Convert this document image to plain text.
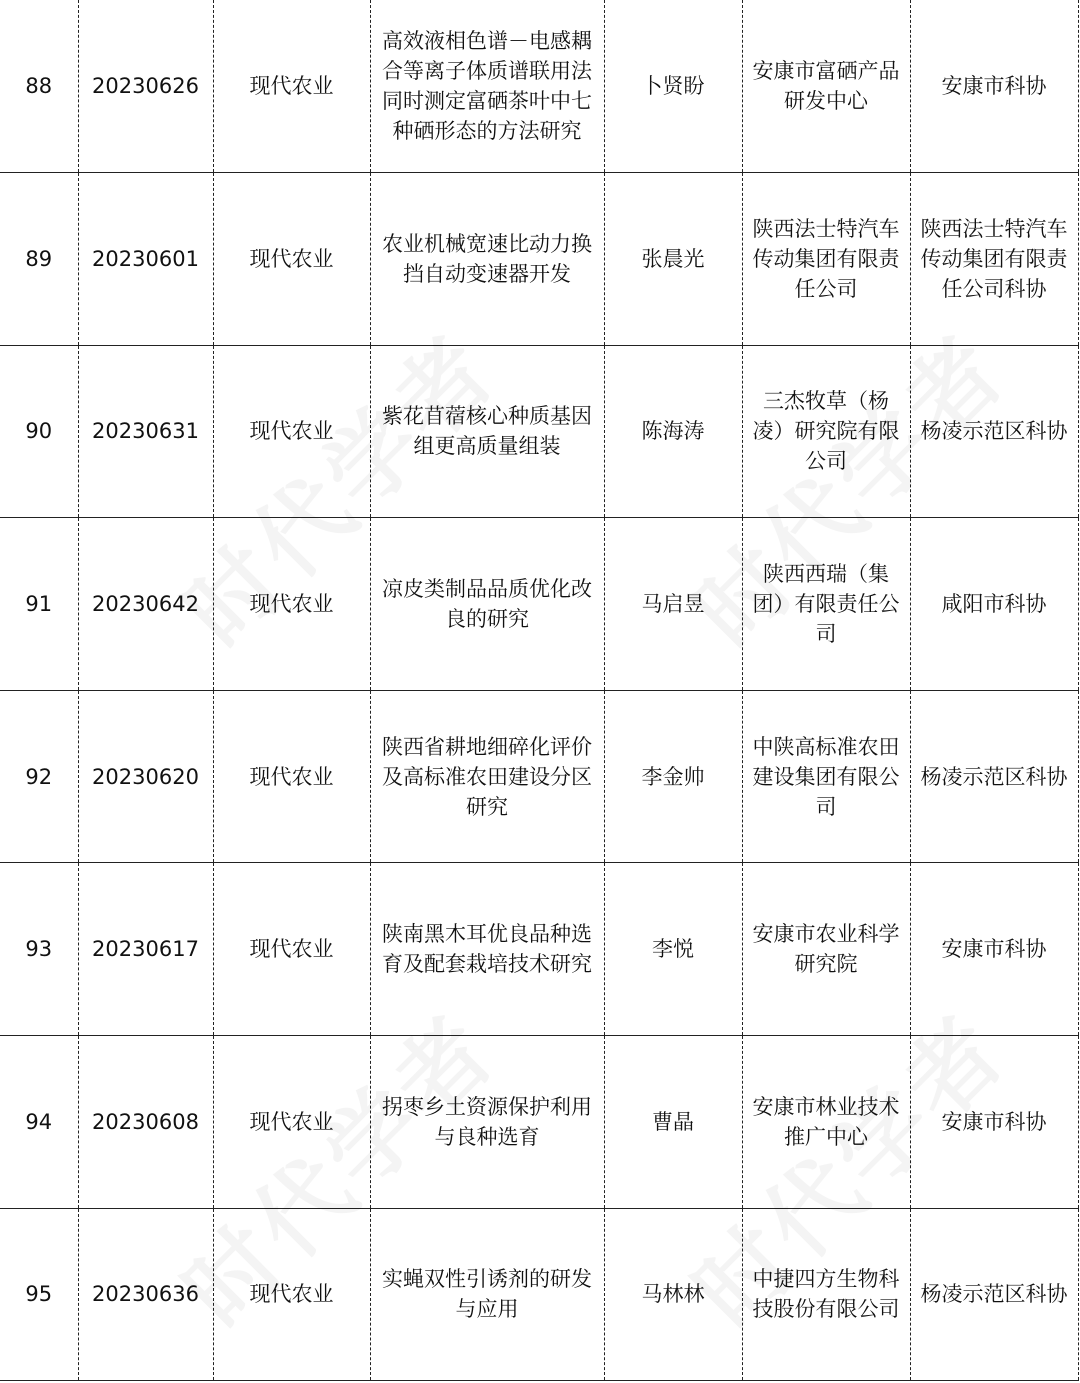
88	20230626	现代农业	高效液相色谱－电感耦合等离子体质谱联用法同时测定富硒茶叶中七种硒形态的方法研究	卜贤盼	安康市富硒产品研发中心	安康市科协
89	20230601	现代农业	农业机械宽速比动力换挡自动变速器开发	张晨光	陕西法士特汽车传动集团有限责任公司	陕西法士特汽车传动集团有限责任公司科协
90	20230631	现代农业	紫花苜蓿核心种质基因组更高质量组装	陈海涛	三杰牧草（杨凌）研究院有限公司	杨凌示范区科协
91	20230642	现代农业	凉皮类制品品质优化改良的研究	马启昱	陕西西瑞（集团）有限责任公司	咸阳市科协
92	20230620	现代农业	陕西省耕地细碎化评价及高标准农田建设分区研究	李金帅	中陕高标准农田建设集团有限公司	杨凌示范区科协
93	20230617	现代农业	陕南黑木耳优良品种选育及配套栽培技术研究	李悦	安康市农业科学研究院	安康市科协
94	20230608	现代农业	拐枣乡土资源保护利用与良种选育	曹晶	安康市林业技术推广中心	安康市科协
95	20230636	现代农业	实蝇双性引诱剂的研发与应用	马林林	中捷四方生物科技股份有限公司	杨凌示范区科协
